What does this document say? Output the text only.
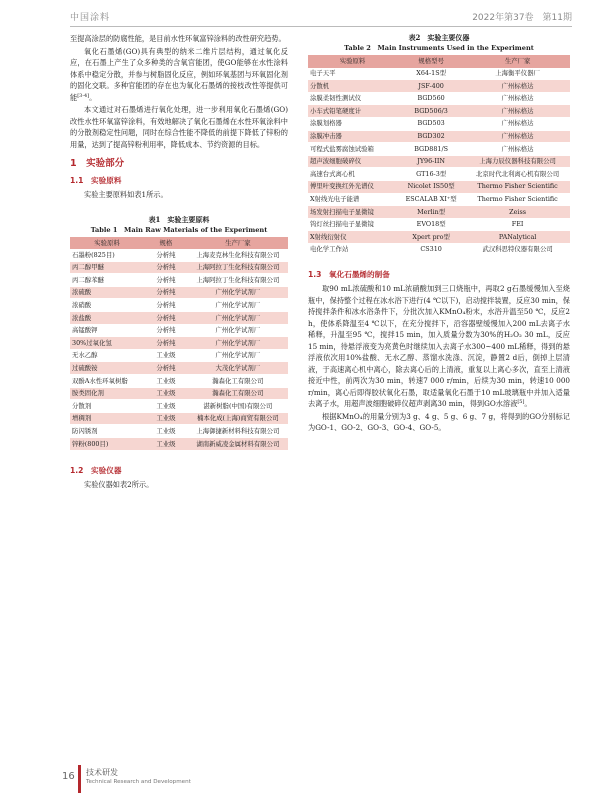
中国涂料	2022年第37卷　第11期

至提高涂层的防腐性能，是目前水性环氧富锌涂料的改性研究趋势。

氧化石墨烯(GO)具有典型的纳米二维片层结构，通过氧化反应，在石墨上产生了众多种类的含氧官能团，使GO能够在水性涂料体系中稳定分散，并参与树脂固化反应，例如环氧基团与环氧固化剂的固化交联。多种官能团的存在也为氧化石墨烯的接枝改性等提供可能[3-4]。

本文通过对石墨烯进行氧化处理，进一步利用氧化石墨烯(GO)改性水性环氧富锌涂料，有效地解决了氧化石墨烯在水性环氧涂料中的分散剂稳定性问题，同时在综合性能不降低的前提下降低了锌粉的用量，达到了提高锌粉利用率，降低成本、节约资源的目标。

1　实验部分
1.1　实验原料

实验主要原料如表1所示。

表1　实验主要原料
Table 1　Main Raw Materials of the Experiment
实验原料	规格	生产厂家
石墨粉(825目)	分析纯	上海麦克林生化科技有限公司
丙二醇甲醚	分析纯	上海阿拉丁生化科技有限公司
丙二醇苯醚	分析纯	上海阿拉丁生化科技有限公司
浓硫酸	分析纯	广州化学试剂厂
浓硝酸	分析纯	广州化学试剂厂
浓盐酸	分析纯	广州化学试剂厂
高锰酸钾	分析纯	广州化学试剂厂
30%过氧化氢	分析纯	广州化学试剂厂
无水乙醇	工业级	广州化学试剂厂
过硫酸铵	分析纯	大茂化学试剂厂
双酚A水性环氧树脂	工业级	瀚森化工有限公司
胺类固化剂	工业级	瀚森化工有限公司
分散剂	工业级	湛新树脂(中国)有限公司
增稠剂	工业级	楠本化成(上海)商贸有限公司
防闪锈剂	工业级	上海御捷新材料科技有限公司
锌粉(800目)	工业级	湖南新威凌金属材料有限公司
1.2　实验仪器

实验仪器如表2所示。

表2　实验主要仪器
Table 2　Main Instruments Used in the Experiment
实验原料	规格型号	生产厂家
电子天平	X64-1S型	上海衡平仪器厂
分散机	JSF-400	广州标格达
涂膜柔韧性测试仪	BGD560	广州标格达
小车式铅笔硬度计	BGD506/3	广州标格达
涂膜划格器	BGD503	广州标格达
涂膜冲击器	BGD302	广州标格达
可程式盐雾腐蚀试验箱	BGD881/S	广州标格达
超声波细胞破碎仪	JY96-IIN	上海力辰仪器科技有限公司
高速台式离心机	GT16-3型	北京时代北利离心机有限公司
傅里叶变换红外光谱仪	Nicolet IS50型	Thermo Fisher Scientific
X射线光电子能谱	ESCALAB XI⁺型	Thermo Fisher Scientific
场发射扫描电子显微镜	Merlin型	Zeiss
钨灯丝扫描电子显微镜	EVO18型	FEI
X射线衍射仪	Xpert pro型	PANalytical
电化学工作站	CS310	武汉科思特仪器有限公司
1.3　氧化石墨烯的制备

取90 mL浓硫酸和10 mL浓硝酸加到三口烧瓶中，再取2 g石墨缓慢加入至烧瓶中，保持整个过程在冰水浴下进行(4 ℃以下)，启动搅拌装置，反应30 min，保持搅拌条件和冰水浴条件下，分批次加入KMnO₄粉末，水浴升温至50 ℃，反应2 h，使体系降温至4 ℃以下，在充分搅拌下，沿容器壁缓慢加入200 mL去离子水稀释，升温至95 ℃，搅拌15 min，加入质量分数为30%的H₂O₂ 30 mL，反应15 min，待悬浮液变为亮黄色时继续加入去离子水300~400 mL稀释，得到的悬浮液依次用10%盐酸、无水乙醇、蒸馏水洗涤、沉淀，静置2 d后，倒掉上层清液，于高速离心机中离心，除去离心后的上清液，重复以上离心多次，直至上清液接近中性，前两次为30 min，转速7 000 r/min，后续为30 min，转速10 000 r/min，离心后即得胶状氧化石墨，取适量氧化石墨于10 mL玻璃瓶中并加入适量去离子水，用超声波细胞破碎仪超声剥离30 min，得到GO水溶液[5]。

根据KMnO₄的用量分别为3 g、4 g、5 g、6 g、7 g，将得到的GO分别标记为GO-1、GO-2、GO-3、GO-4、GO-5。

16 技术研发
Technical Research and Development
